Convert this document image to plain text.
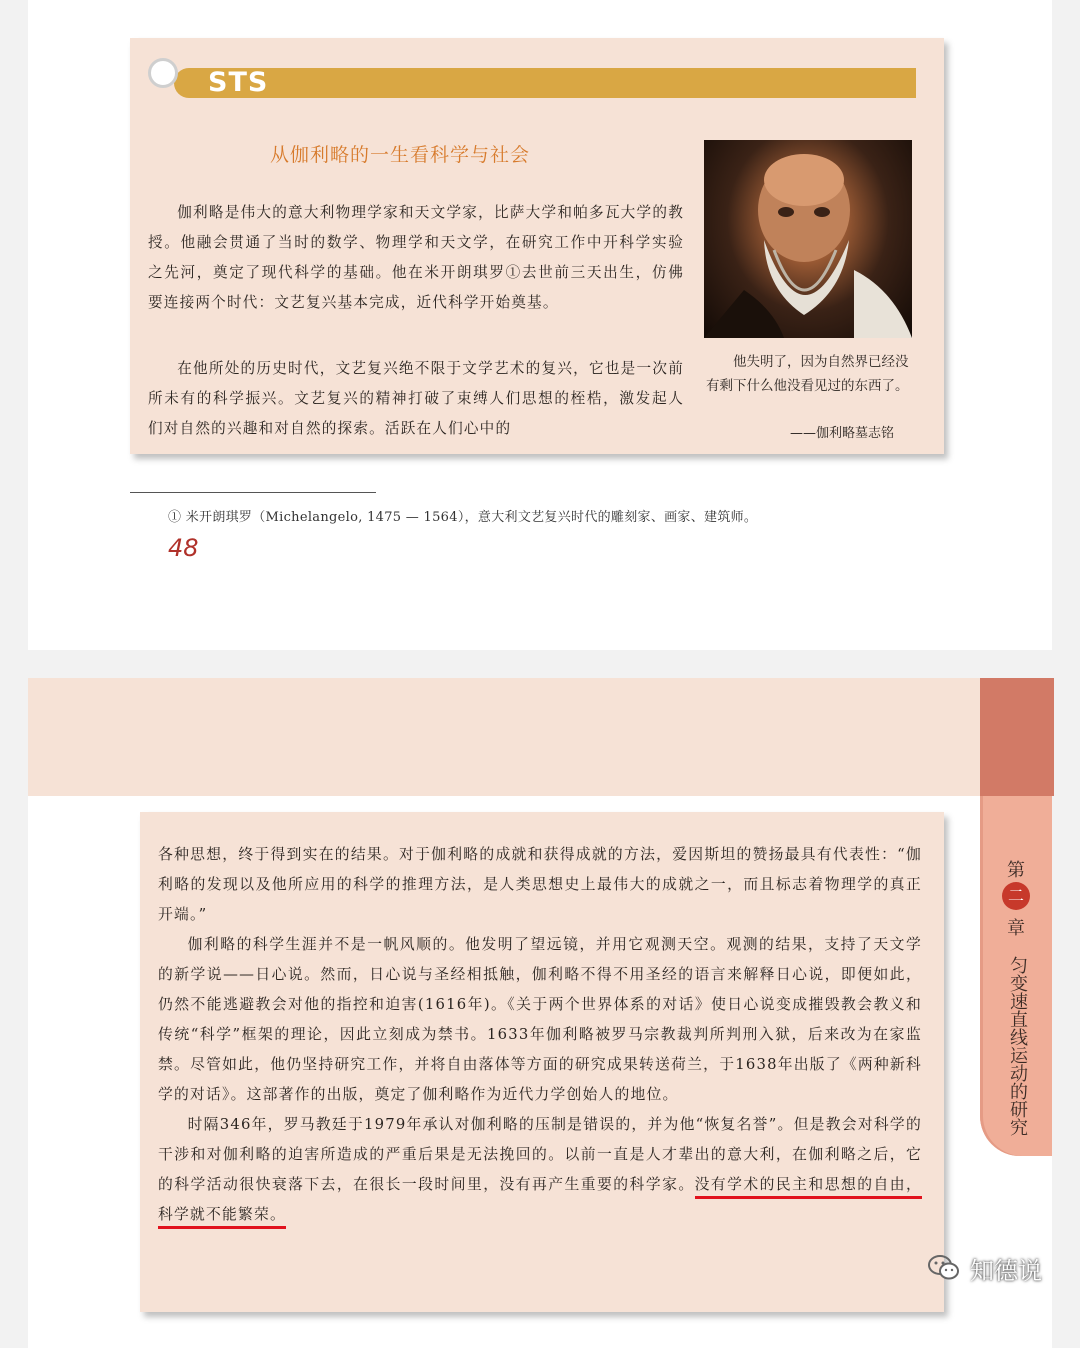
STS
从伽利略的一生看科学与社会

伽利略是伟大的意大利物理学家和天文学家，比萨大学和帕多瓦大学的教授。他融会贯通了当时的数学、物理学和天文学，在研究工作中开科学实验之先河，奠定了现代科学的基础。他在米开朗琪罗①去世前三天出生，仿佛要连接两个时代：文艺复兴基本完成，近代科学开始奠基。

在他所处的历史时代，文艺复兴绝不限于文学艺术的复兴，它也是一次前所未有的科学振兴。文艺复兴的精神打破了束缚人们思想的桎梏，激发起人们对自然的兴趣和对自然的探索。活跃在人们心中的

他失明了，因为自然界已经没有剩下什么他没看见过的东西了。

——伽利略墓志铭
① 米开朗琪罗（Michelangelo, 1475 — 1564），意大利文艺复兴时代的雕刻家、画家、建筑师。
48
第
二
章
匀变速直线运动的研究

各种思想，终于得到实在的结果。对于伽利略的成就和获得成就的方法，爱因斯坦的赞扬最具有代表性：“伽利略的发现以及他所应用的科学的推理方法，是人类思想史上最伟大的成就之一，而且标志着物理学的真正开端。”
伽利略的科学生涯并不是一帆风顺的。他发明了望远镜，并用它观测天空。观测的结果，支持了天文学的新学说——日心说。然而，日心说与圣经相抵触，伽利略不得不用圣经的语言来解释日心说，即便如此，仍然不能逃避教会对他的指控和迫害(1616年)。《关于两个世界体系的对话》使日心说变成摧毁教会教义和传统“科学”框架的理论，因此立刻成为禁书。1633年伽利略被罗马宗教裁判所判刑入狱，后来改为在家监禁。尽管如此，他仍坚持研究工作，并将自由落体等方面的研究成果转送荷兰，于1638年出版了《两种新科学的对话》。这部著作的出版，奠定了伽利略作为近代力学创始人的地位。
时隔346年，罗马教廷于1979年承认对伽利略的压制是错误的，并为他“恢复名誉”。但是教会对科学的干涉和对伽利略的迫害所造成的严重后果是无法挽回的。以前一直是人才辈出的意大利，在伽利略之后，它的科学活动很快衰落下去，在很长一段时间里，没有再产生重要的科学家。没有学术的民主和思想的自由，科学就不能繁荣。

知德说
